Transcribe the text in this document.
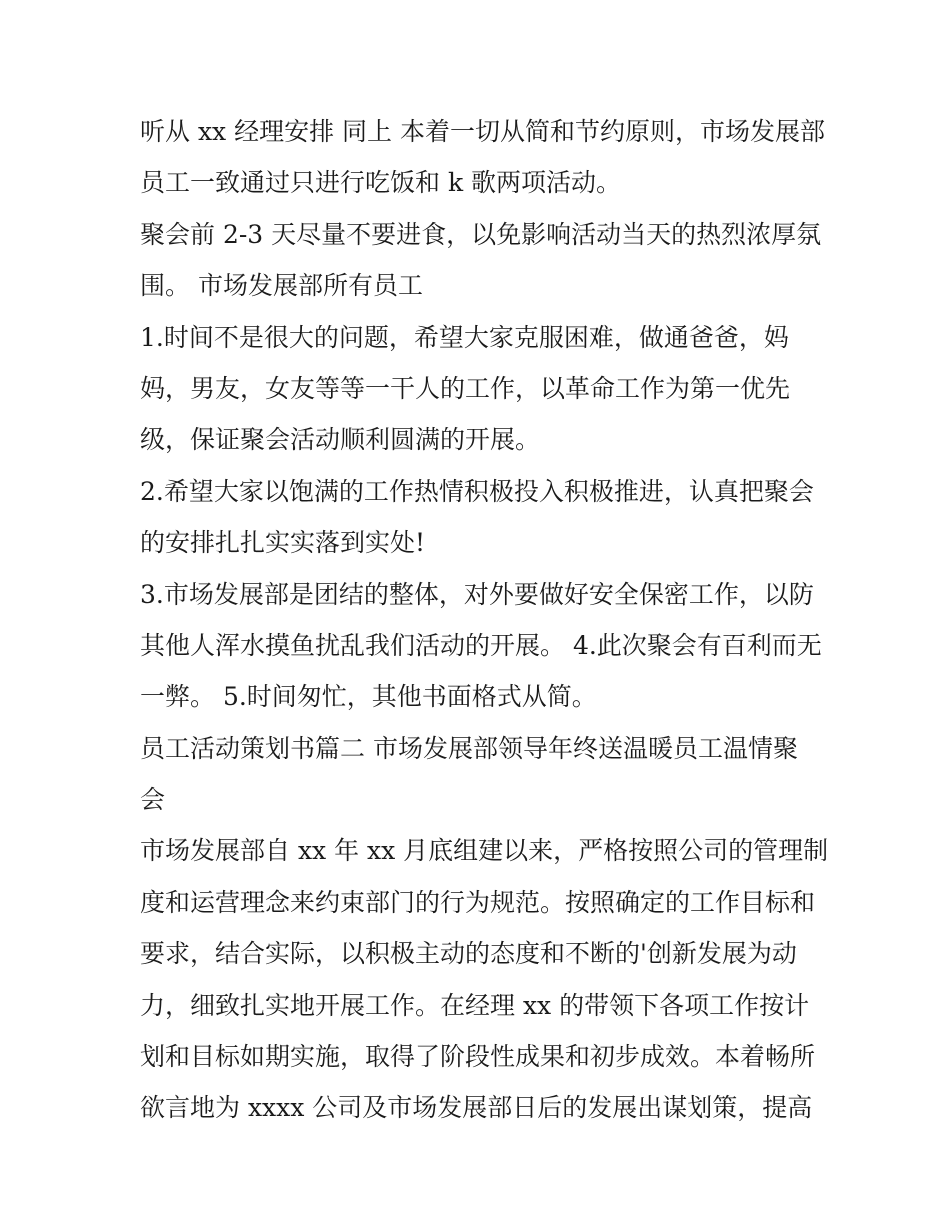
听从 xx 经理安排 同上 本着一切从简和节约原则，市场发展部
员工一致通过只进行吃饭和 k 歌两项活动。
聚会前 2-3 天尽量不要进食，以免影响活动当天的热烈浓厚氛
围。 市场发展部所有员工
1.时间不是很大的问题，希望大家克服困难，做通爸爸，妈
妈，男友，女友等等一干人的工作，以革命工作为第一优先
级，保证聚会活动顺利圆满的开展。
2.希望大家以饱满的工作热情积极投入积极推进，认真把聚会
的安排扎扎实实落到实处!
3.市场发展部是团结的整体，对外要做好安全保密工作，以防
其他人浑水摸鱼扰乱我们活动的开展。 4.此次聚会有百利而无
一弊。 5.时间匆忙，其他书面格式从简。
员工活动策划书篇二 市场发展部领导年终送温暖员工温情聚
会
市场发展部自 xx 年 xx 月底组建以来，严格按照公司的管理制
度和运营理念来约束部门的行为规范。按照确定的工作目标和
要求，结合实际，以积极主动的态度和不断的'创新发展为动
力，细致扎实地开展工作。在经理 xx 的带领下各项工作按计
划和目标如期实施，取得了阶段性成果和初步成效。本着畅所
欲言地为 xxxx 公司及市场发展部日后的发展出谋划策，提高
